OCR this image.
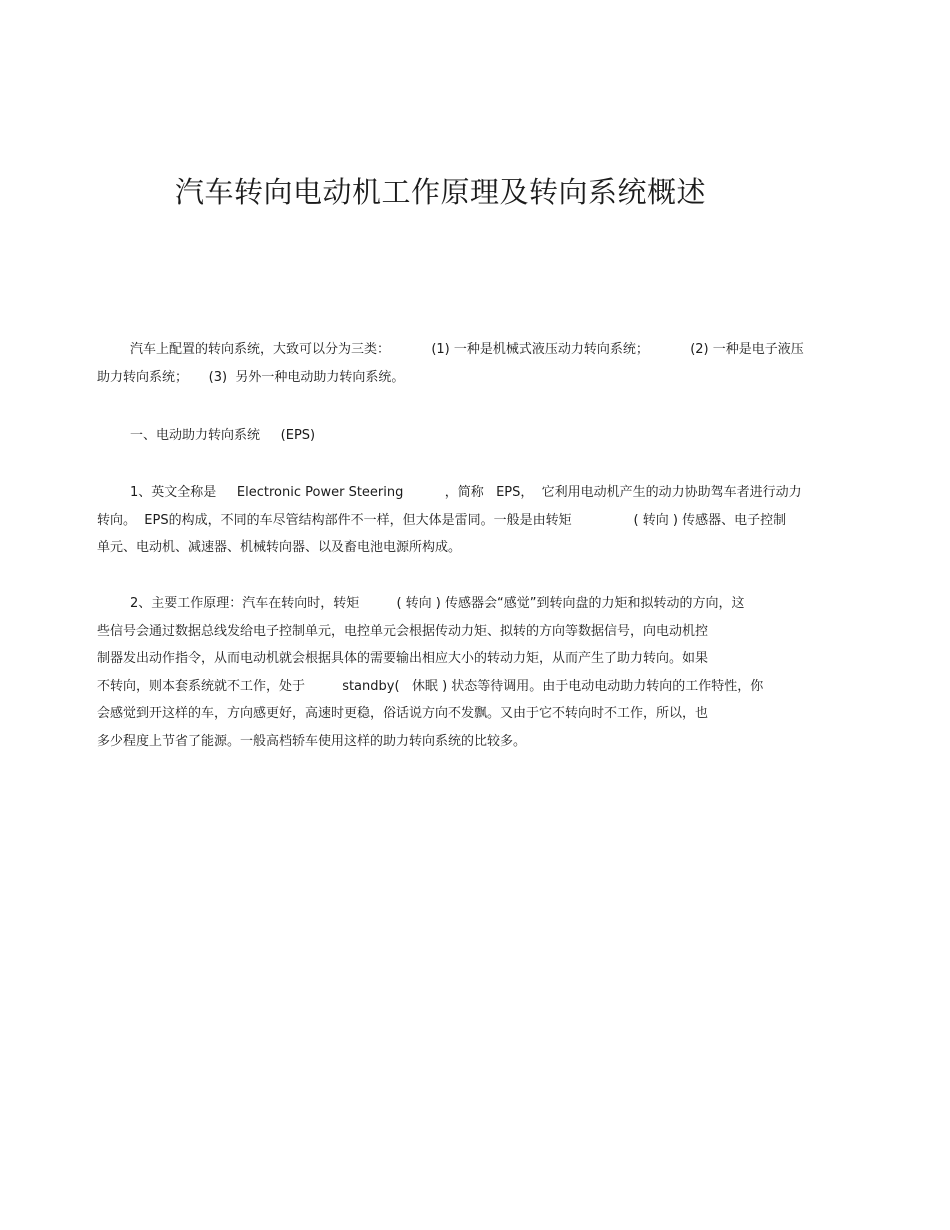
汽车转向电动机工作原理及转向系统概述
汽车上配置的转向系统，大致可以分为三类：          (1) 一种是机械式液压动力转向系统；          (2) 一种是电子液压
助力转向系统；     (3)  另外一种电动助力转向系统。
一、电动助力转向系统     (EPS)
1、英文全称是     Electronic Power Steering          ，简称   EPS，  它利用电动机产生的动力协助驾车者进行动力
转向。  EPS的构成，不同的车尽管结构部件不一样，但大体是雷同。一般是由转矩               ( 转向 ) 传感器、电子控制
单元、电动机、减速器、机械转向器、以及畜电池电源所构成。
2、主要工作原理：汽车在转向时，转矩         ( 转向 ) 传感器会“感觉”到转向盘的力矩和拟转动的方向，这
些信号会通过数据总线发给电子控制单元，电控单元会根据传动力矩、拟转的方向等数据信号，向电动机控
制器发出动作指令，从而电动机就会根据具体的需要输出相应大小的转动力矩，从而产生了助力转向。如果
不转向，则本套系统就不工作，处于         standby(   休眠 ) 状态等待调用。由于电动电动助力转向的工作特性，你
会感觉到开这样的车，方向感更好，高速时更稳，俗话说方向不发飘。又由于它不转向时不工作，所以，也
多少程度上节省了能源。一般高档轿车使用这样的助力转向系统的比较多。
